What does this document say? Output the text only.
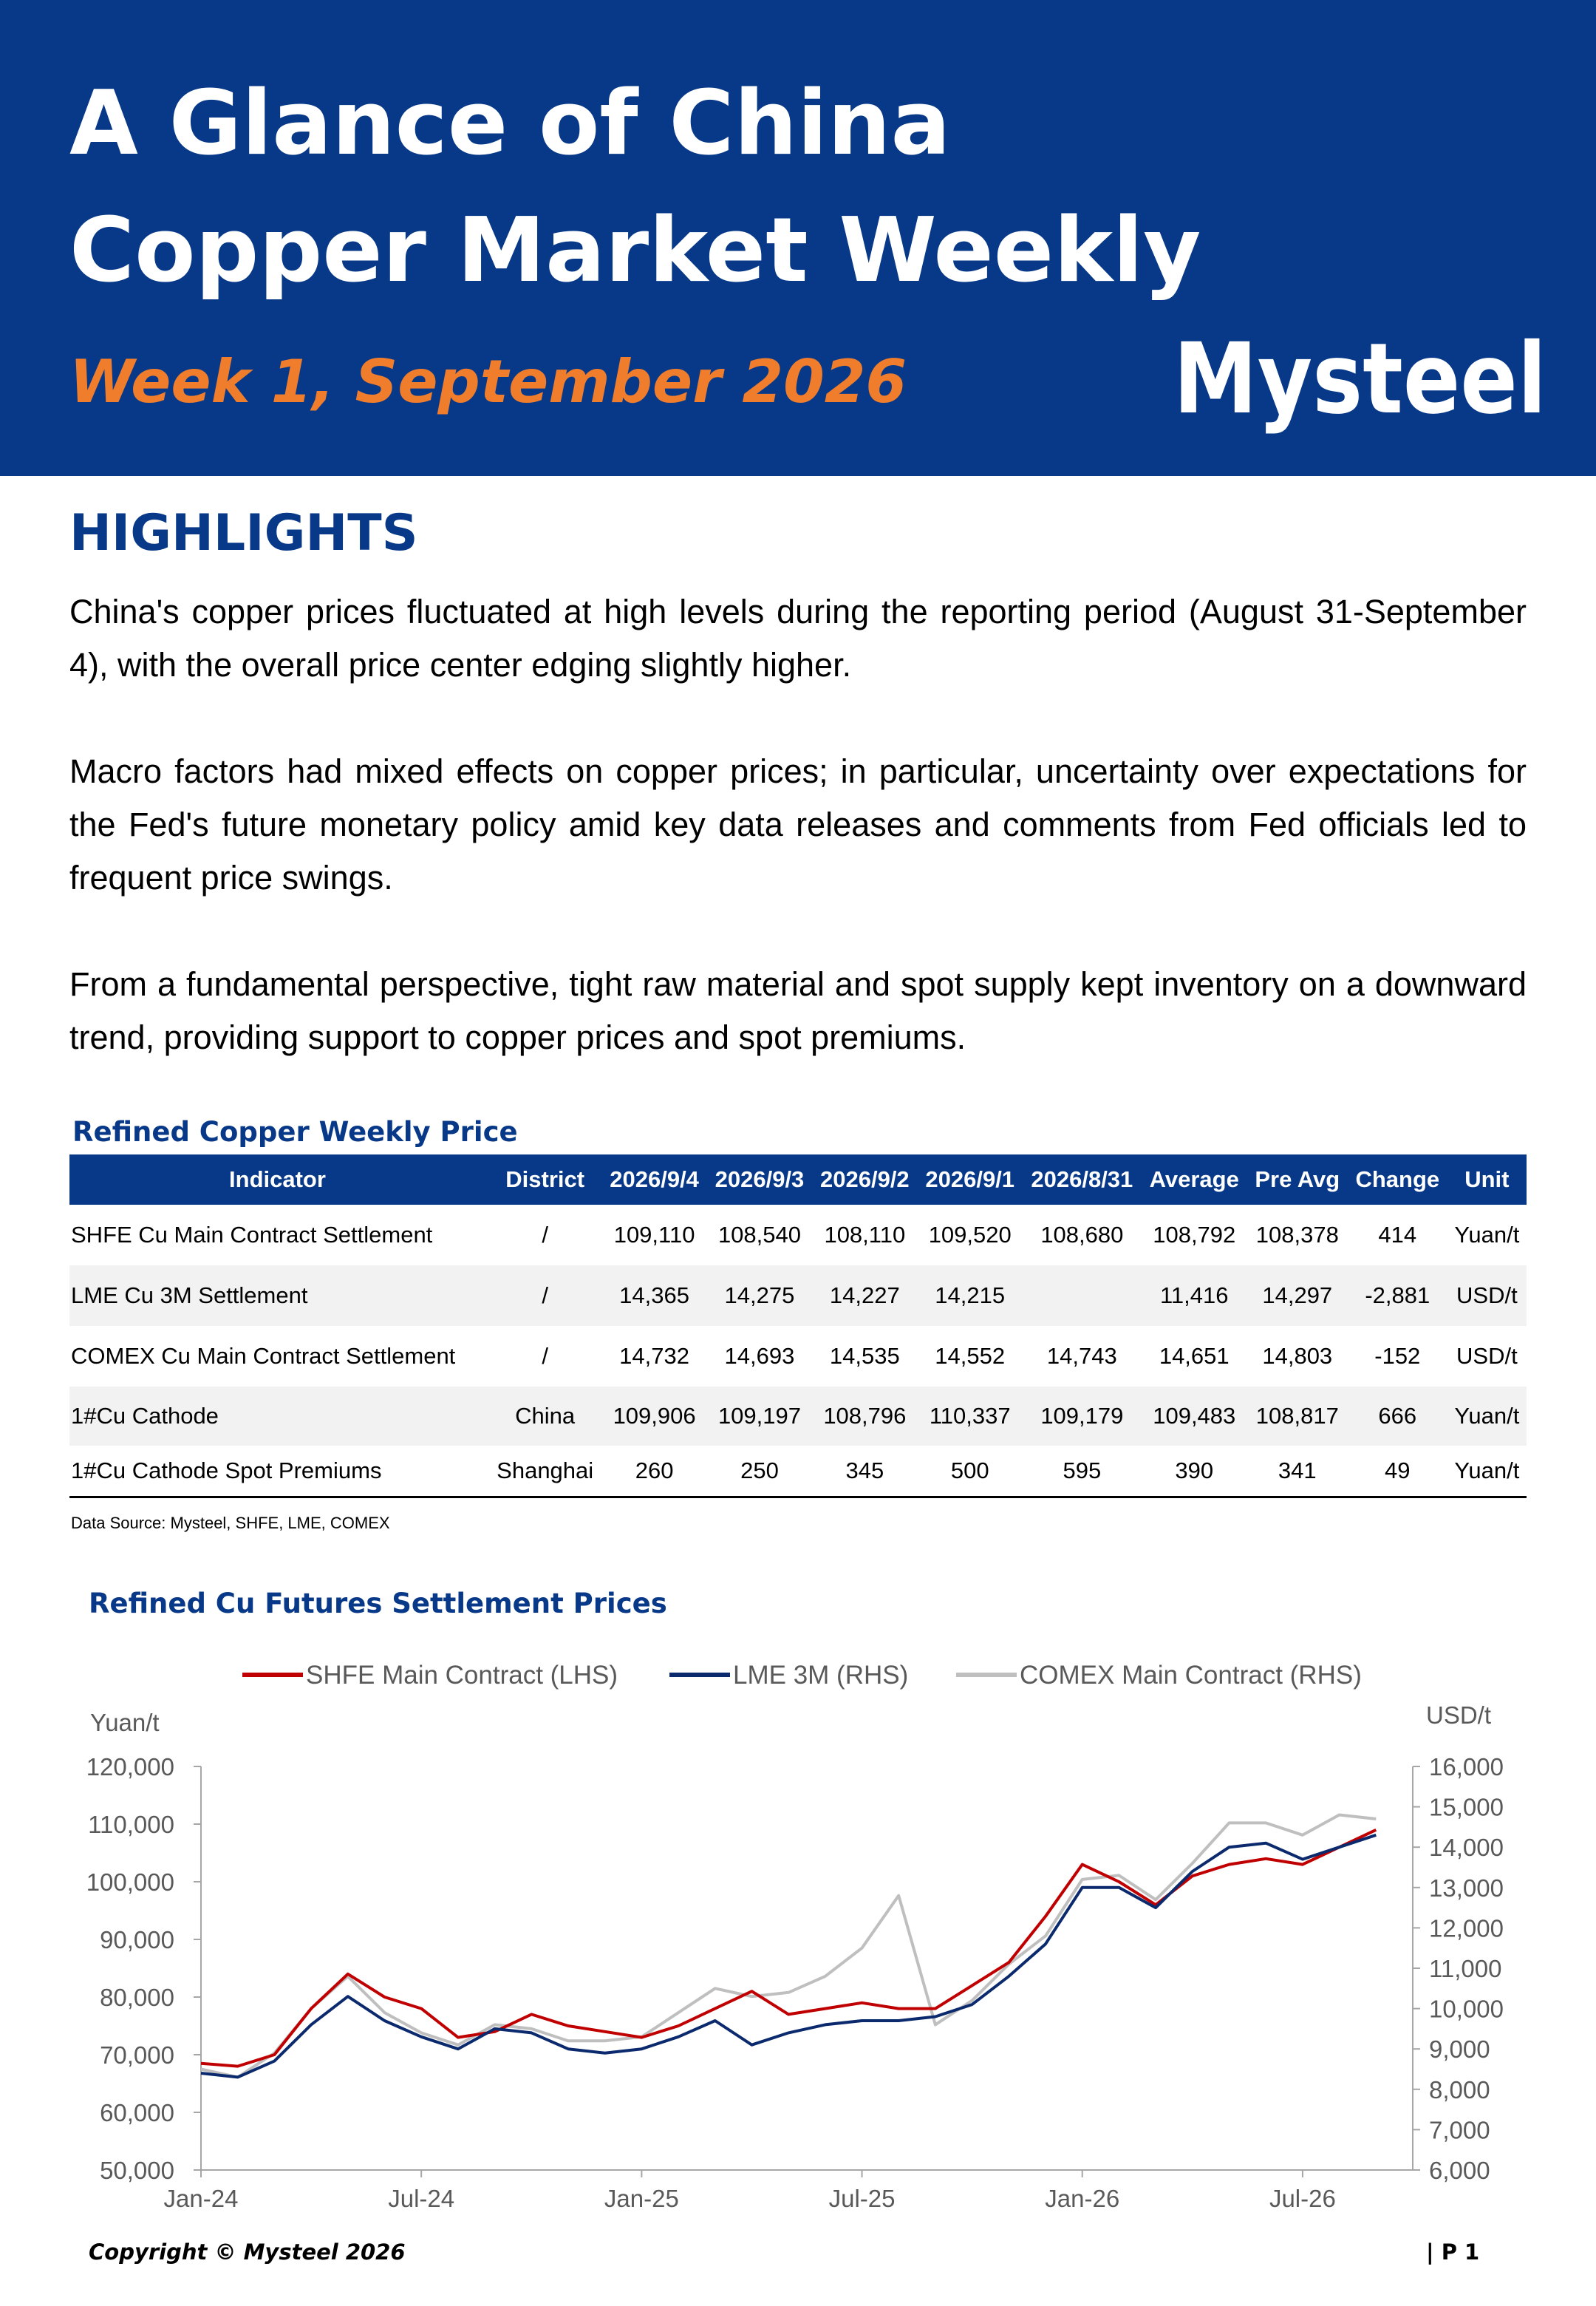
A Glance of China Copper Market Weekly

Week 1, September 2026	Mysteel
HIGHLIGHTS

China's copper prices fluctuated at high levels during the reporting period (August 31-September 4), with the overall price center edging slightly higher.

Macro factors had mixed effects on copper prices; in particular, uncertainty over expectations for the Fed's future monetary policy amid key data releases and comments from Fed officials led to frequent price swings.

From a fundamental perspective, tight raw material and spot supply kept inventory on a downward trend, providing support to copper prices and spot premiums.

Refined Copper Weekly Price
Indicator	District	2026/9/4	2026/9/3	2026/9/2	2026/9/1	2026/8/31	Average	Pre Avg	Change	Unit
SHFE Cu Main Contract Settlement	/	109,110	108,540	108,110	109,520	108,680	108,792	108,378	414	Yuan/t
LME Cu 3M Settlement	/	14,365	14,275	14,227	14,215		11,416	14,297	-2,881	USD/t
COMEX Cu Main Contract Settlement	/	14,732	14,693	14,535	14,552	14,743	14,651	14,803	-152	USD/t
1#Cu Cathode	China	109,906	109,197	108,796	110,337	109,179	109,483	108,817	666	Yuan/t
1#Cu Cathode Spot Premiums	Shanghai	260	250	345	500	595	390	341	49	Yuan/t

Data Source: Mysteel, SHFE, LME, COMEX

Refined Cu Futures Settlement Prices
50,000
60,000
70,000
80,000
90,000
100,000
110,000
120,000
6,000
7,000
8,000
9,000
10,000
11,000
12,000
13,000
14,000
15,000
16,000
Jan-24	Jul-24	Jan-25	Jul-25	Jan-26	Jul-26
Yuan/t	USD/t
SHFE Main Contract (LHS)	LME 3M (RHS)	COMEX Main Contract (RHS)

Copyright © Mysteel 2026	| P 1
